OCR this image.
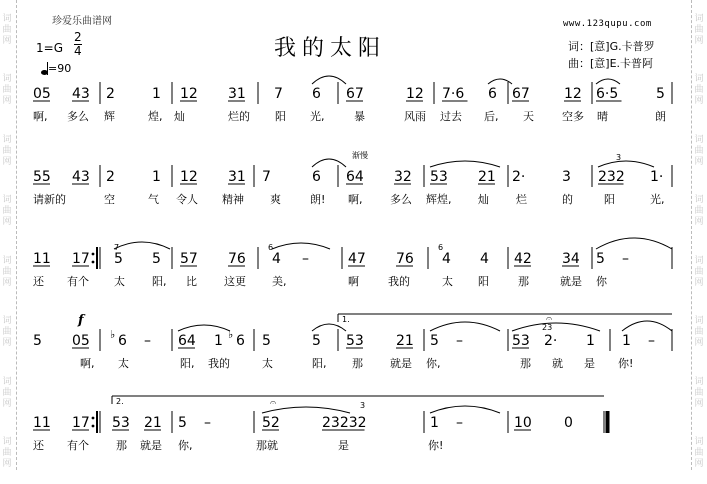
词
曲
网
词
曲
网
词
曲
网
词
曲
网
词
曲
网
词
曲
网
词
曲
网
词
曲
网
词
曲
网
词
曲
网
词
曲
网
词
曲
网
词
曲
网
词
曲
网
词
曲
网
词
曲
网
珍爱乐曲谱网	www.123qupu.com
我的太阳	词：[意]G.卡普罗
曲：[意]E.卡普阿
1=G
2
4
=90
05 43 2	1 12 31 7 6 67	12 7·6 6 67 12 6·5	5
啊, 多么 辉	煌, 灿	烂的 阳 光,	暴	风雨 过去 后, 天	空多 晴	朗
55 43 2	1 12 31 7	6 64 32 53 21 2·	3 232 1·
请新的	空	气 令人 精神 爽	朗! 啊,	多么 辉煌, 灿 烂	的	阳	光,
11 17 5 5 57 76 4 –	47 76 4 4 42 34 5 –
还 有个 太 阳, 比 这更 美,	啊	我的	太 阳	那	就是 你
5 05 6 – 64 1 6 5	5 53 21 5 –	53 2· 1 1 –
啊, 太	阳, 我的	太	阳, 那 就是 你,	那 就 是 你!
11 17 53 21 5 –	52	23232	1 –	10 0
还 有个 那 就是 你,	那就	是	你!
1.
2.
渐慢	3
3
f
♭	♭
7	6	6
23
𝄐
𝄐
